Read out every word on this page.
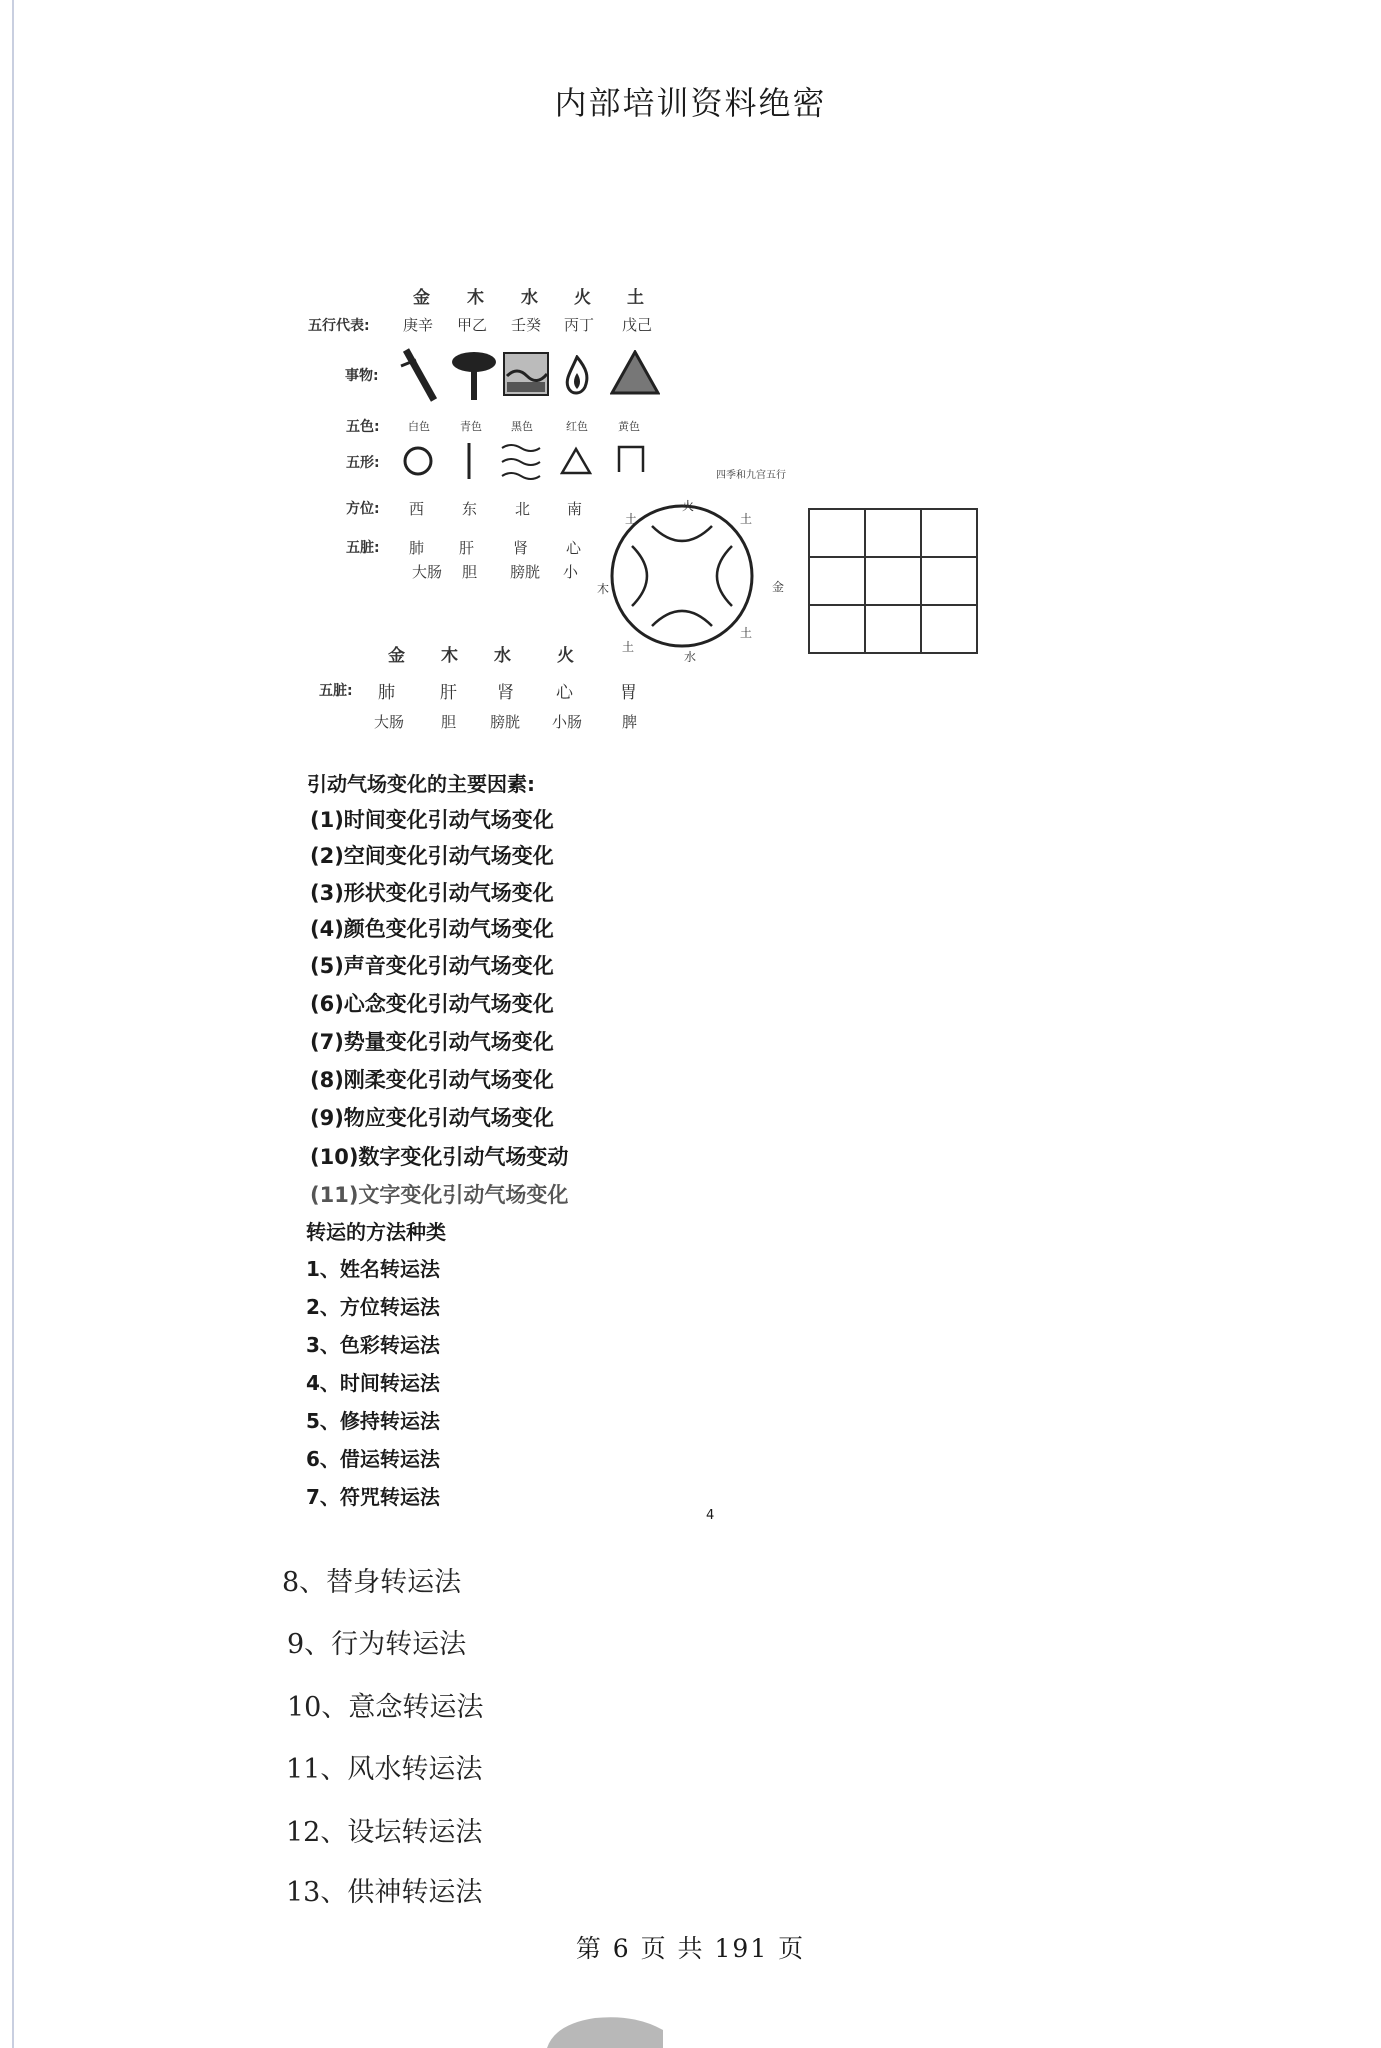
内部培训资料绝密
金 木 水 火 土
五行代表: 庚辛 甲乙 壬癸 丙丁 戊己
事物:
五色:	白色	青色	黑色	红色	黄色
五形:
方位: 西	东	北 南
五脏: 肺 肝	肾	心
大肠 胆 膀胱 小
火
木	金
水
土	土
土
土
四季和九宫五行

金 木 水	火
五脏: 肺	肝 肾 心	胃
大肠 胆 膀胱 小肠	脾
引动气场变化的主要因素:
(1)时间变化引动气场变化
(2)空间变化引动气场变化
(3)形状变化引动气场变化
(4)颜色变化引动气场变化
(5)声音变化引动气场变化
(6)心念变化引动气场变化
(7)势量变化引动气场变化
(8)刚柔变化引动气场变化
(9)物应变化引动气场变化
(10)数字变化引动气场变动
(11)文字变化引动气场变化
转运的方法种类
1、姓名转运法
2、方位转运法
3、色彩转运法
4、时间转运法
5、修持转运法
6、借运转运法
7、符咒转运法
4
8、替身转运法
9、行为转运法
10、意念转运法
11、风水转运法
12、设坛转运法
13、供神转运法
第 6 页 共 191 页
